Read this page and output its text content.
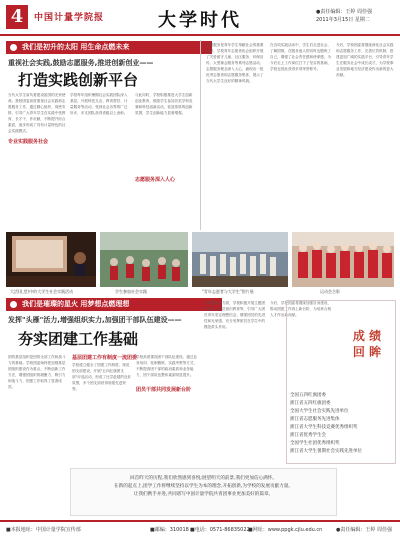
4	中国计量学院报	大学时代	●责任编辑：王婷 周佳强
2011年3月15日 星期二
我们是初升的太阳 用生命点燃未来
重视社会实践,鼓励志愿服务,推进创新创业——
打造实践创新平台
当代大学生肩负着建设祖国的光荣使命。我校团委高度重视社会实践和志愿服务工作，通过精心组织、周密安排，引导广大青年学生在实践中受教育、长才干、作贡献，不断提升综合素质，逐步形成了具有计量特色的社会实践模式。
专业实践服务社会
学校每年组织暑期社会实践团队深入基层，开展科技支农、教育帮扶、计量服务等活动，受到社会各界的广泛好评，多支团队获得省级以上表彰。
与此同时，学校积极推进大学生创新创业教育，鼓励学生参加各类学科竞赛和科技创新活动，营造浓厚的创新氛围，学生创新能力显著增强。
志愿服务深入人心
志愿服务是青年学生奉献社会的重要途径。学校青年志愿者协会组织开展了关爱留守儿童、社区服务、环保宣传、大型赛会服务等系列志愿活动，志愿服务理念深入人心，涌现出一批优秀志愿者和志愿服务集体，展示了当代大学生良好的精神风貌。
在各项实践活动中，学生们走进社会、了解国情，在服务他人的同时也锻炼了自己，增强了社会责任感和使命感，为今后走上工作岗位打下了坚实的基础，学校也因此获得多项荣誉称号。
今后，学校团委将继续深化社会实践和志愿服务工作，完善长效机制，搭建更加广阔的实践平台，引导青年学生在服务社会中成长成才，为学校事业发展和地方经济建设作出新的更大贡献。
大活(礼堂)中的大学生社会实践活动	学生参加社会实践	"青年志愿者与大学生"图片展	运动会合影
我们是璀璨的星火 用梦想点燃理想
发挥"头雁"活力,增强组织实力,加强团干部队伍建设——
夯实团建工作基础
团的基层组织是团的全部工作和战斗力的基础。学校团委始终把加强基层团组织建设作为重点，不断创新工作方法，增强团组织的凝聚力、吸引力和战斗力，团建工作取得了显著成效。
基层团建工作有制度一流团委
学校建立健全了团建工作制度，规范团支部建设，开展"五四红旗团支部"评选活动，形成了比学赶超的良好氛围，多个团支部获得省级先进荣誉。	团员干部共同发展新台阶
学校高度重视团干部队伍建设，通过业务培训、挂职锻炼、实践考察等方式，不断提高团干部的政治素质和业务能力，团干部队伍整体素质明显提升。
在团员教育方面，学校积极开展主题团日活动、团员意识教育等，引导广大团员青年坚定理想信念，增强团员的先进性和光荣感，充分发挥团员在学生中的模范带头作用。
今后，学校团委将继续加强自身建设，推动团建工作再上新台阶，为培养合格人才作出新贡献。
成 绩
回 眸
全国五四红旗团委
浙江省五四红旗团委
全国大学生社会实践先进单位
浙江省志愿服务先进集体
浙江省大学生科技竞赛优秀组织奖
浙江省优秀学生会
全国学生社团优秀组织奖
浙江省大学生暑期社会实践先进单位
回首昨天的历程,我们欣然感到喜悦;展望明天的前景,我们更加信心满怀。
在新的起点上,团学工作将继续坚持以学生为本的理念,开拓创新,为学校的发展贡献力量。
让我们携手并进,共同谱写中国计量学院共青团事业更加美好的篇章。
■本报地址：中国计量学院宣传部	■邮编：310018 ■电话：0571-86835022
■网址：www.ppgk.cjlu.edu.cn	●责任编辑：王婷 周佳强
